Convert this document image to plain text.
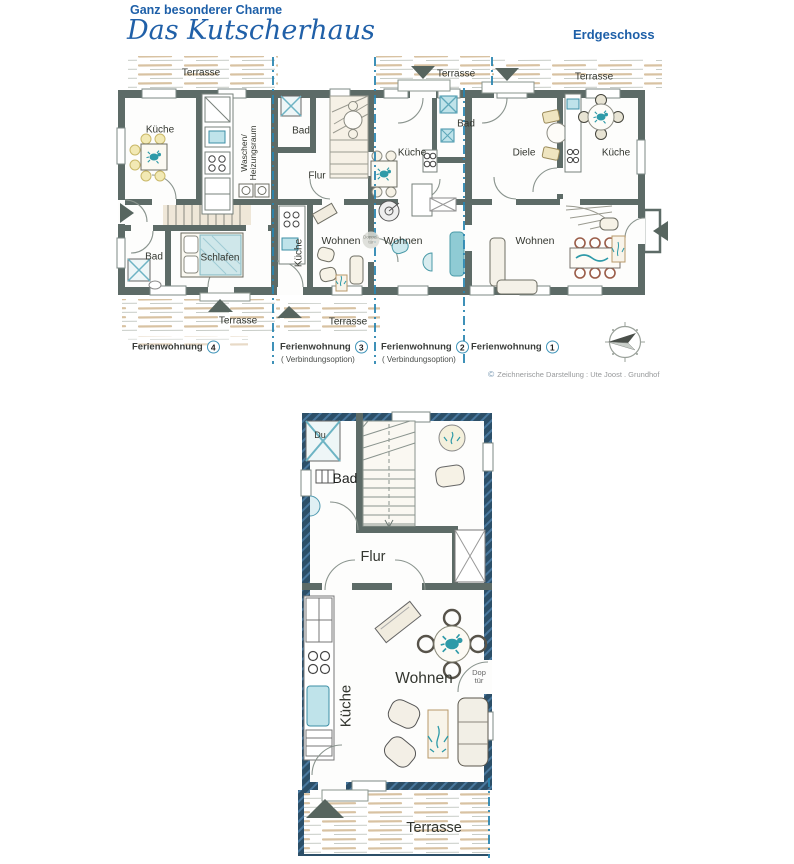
Ganz besonderer Charme
Das Kutscherhaus	Erdgeschoss
Terrasse	Terrasse	Terrasse
Küche
Waschen/
Heizungsraum
Bad	Schlafen
Bad
Flur
Küche Wohnen
Küche
Bad
Doppel-tür Wohnen
Diele	Küche
Wohnen
Terrasse	Terrasse
Ferienwohnung 4	Ferienwohnung 3
( Verbindungsoption)
Ferienwohnung 2
( Verbindungsoption)
Ferienwohnung 1
© Zeichnerische Darstellung : Ute Joost . Grundhof
Du
Bad
Flur
Wohnen
Küche
Dop
tür
Terrasse
